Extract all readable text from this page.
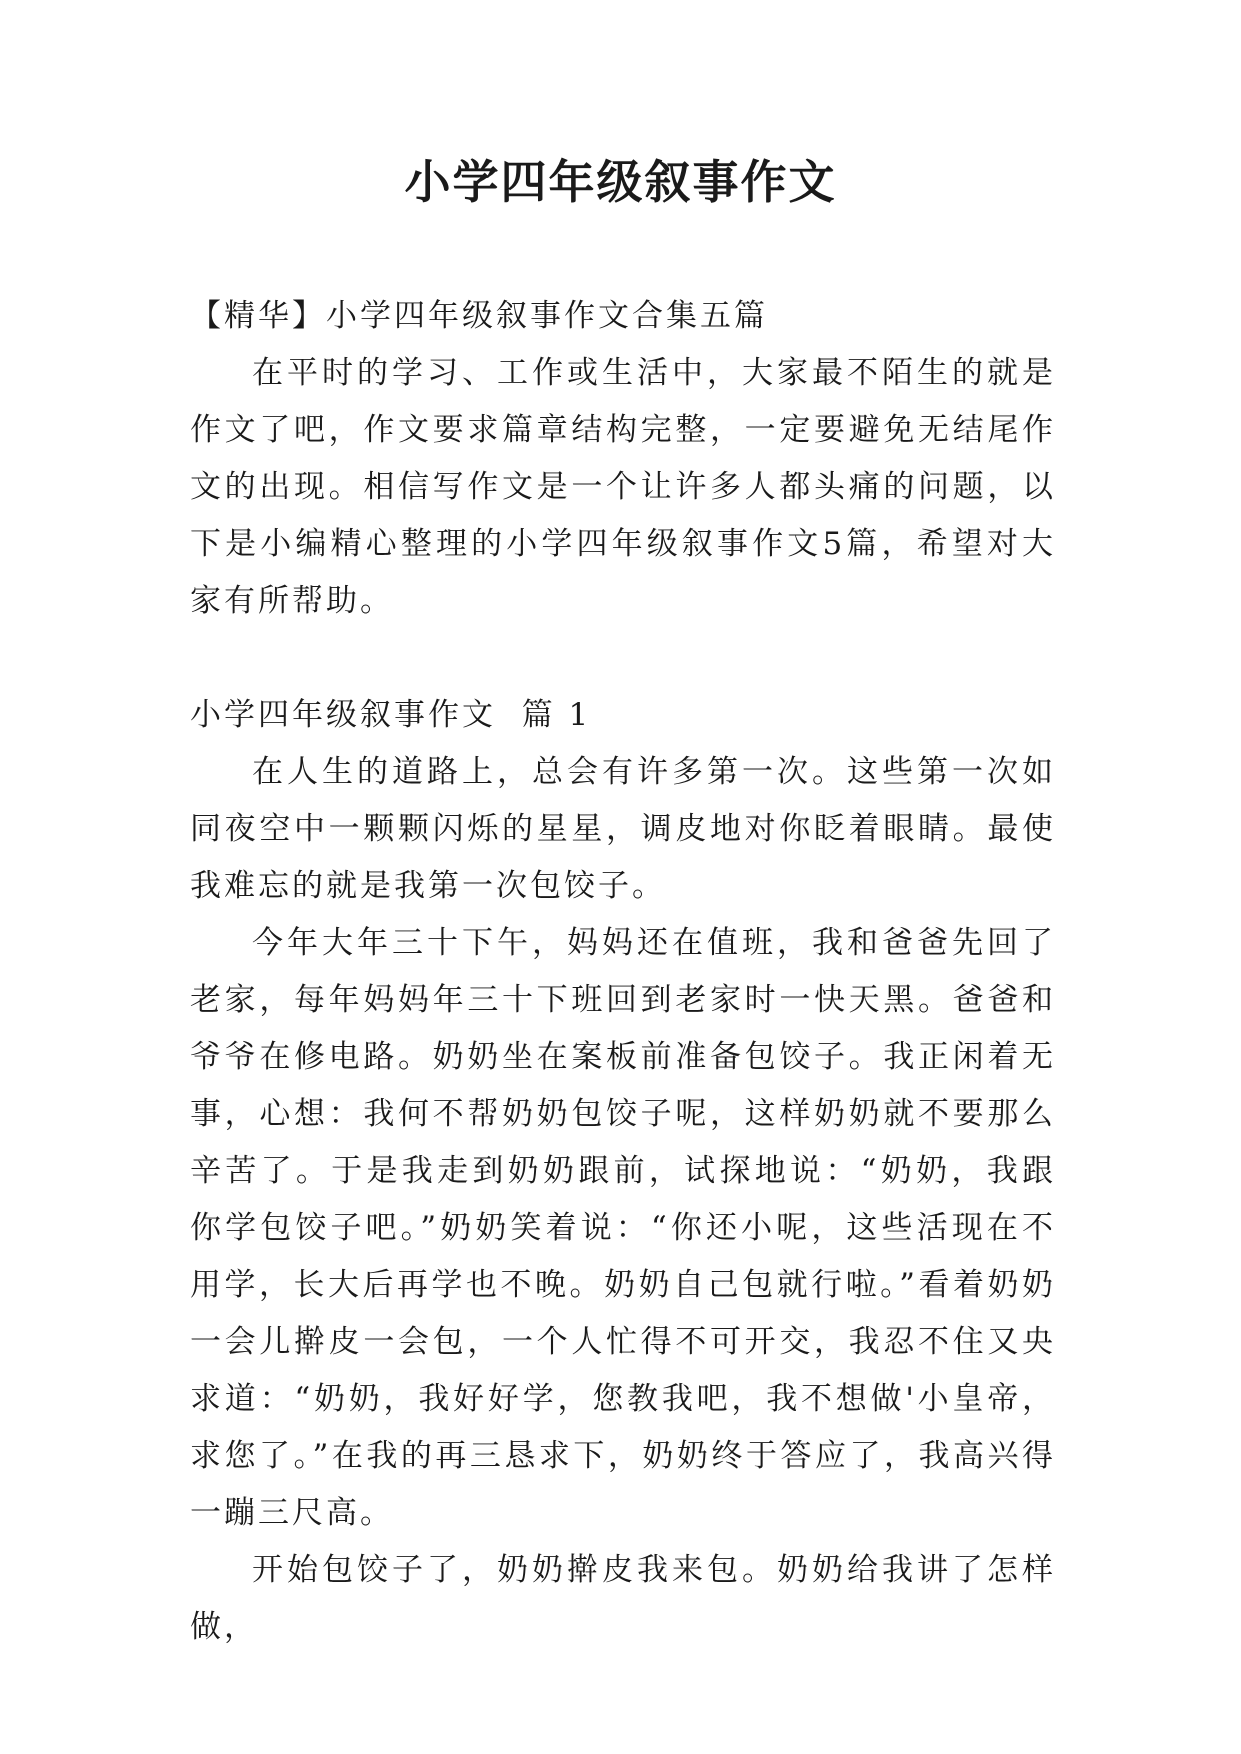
小学四年级叙事作文

【精华】小学四年级叙事作文合集五篇

在平时的学习、工作或生活中，大家最不陌生的就是作文了吧，作文要求篇章结构完整，一定要避免无结尾作文的出现。相信写作文是一个让许多人都头痛的问题，以下是小编精心整理的小学四年级叙事作文5篇，希望对大家有所帮助。

小学四年级叙事作文  篇 1

在人生的道路上，总会有许多第一次。这些第一次如同夜空中一颗颗闪烁的星星，调皮地对你眨着眼睛。最使我难忘的就是我第一次包饺子。

今年大年三十下午，妈妈还在值班，我和爸爸先回了老家，每年妈妈年三十下班回到老家时一快天黑。爸爸和爷爷在修电路。奶奶坐在案板前准备包饺子。我正闲着无事，心想：我何不帮奶奶包饺子呢，这样奶奶就不要那么辛苦了。于是我走到奶奶跟前，试探地说：“奶奶，我跟你学包饺子吧。”奶奶笑着说：“你还小呢，这些活现在不用学，长大后再学也不晚。奶奶自己包就行啦。”看着奶奶一会儿擀皮一会包，一个人忙得不可开交，我忍不住又央求道：“奶奶，我好好学，您教我吧，我不想做'小皇帝，求您了。”在我的再三恳求下，奶奶终于答应了，我高兴得一蹦三尺高。

开始包饺子了，奶奶擀皮我来包。奶奶给我讲了怎样做，
